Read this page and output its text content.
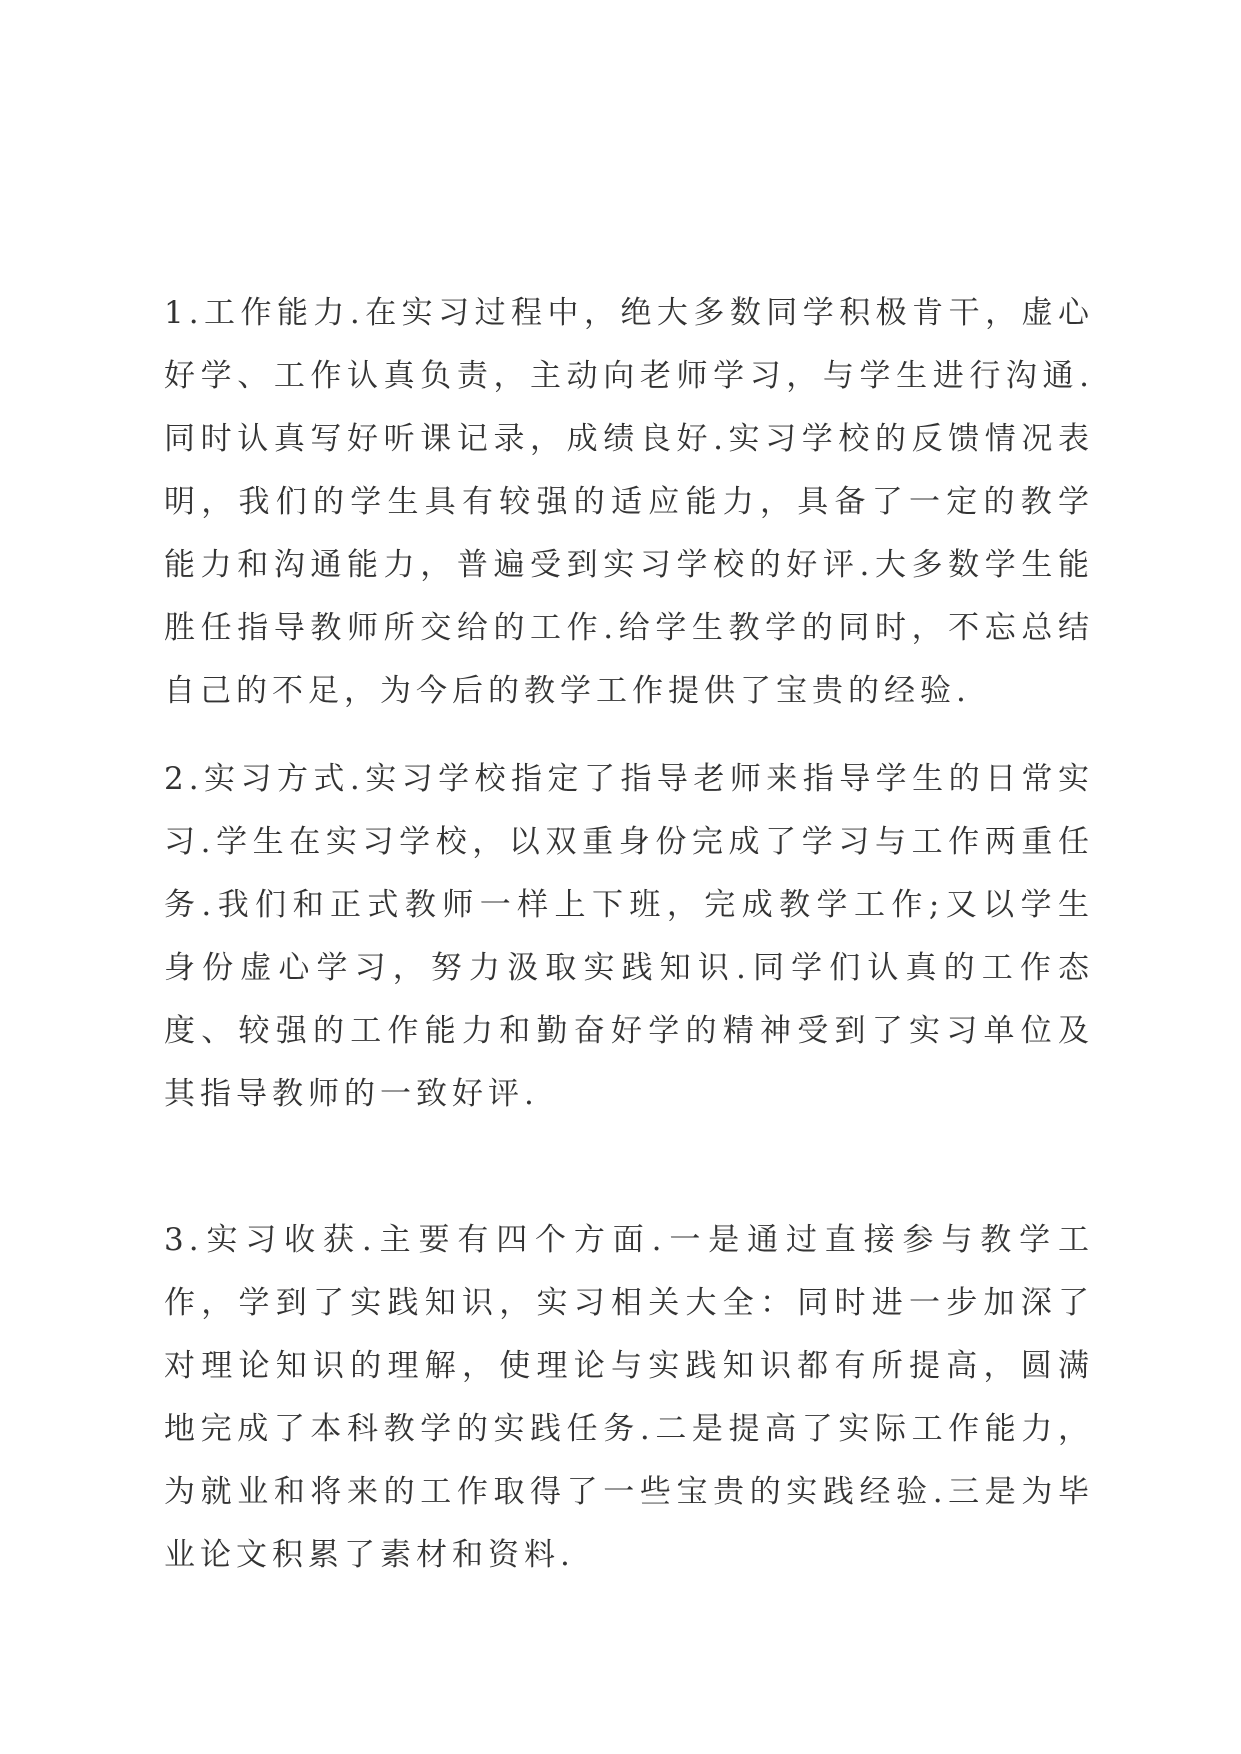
1.工作能力.在实习过程中，绝大多数同学积极肯干，虚心好学、工作认真负责，主动向老师学习，与学生进行沟通.同时认真写好听课记录，成绩良好.实习学校的反馈情况表明，我们的学生具有较强的适应能力，具备了一定的教学能力和沟通能力，普遍受到实习学校的好评.大多数学生能胜任指导教师所交给的工作.给学生教学的同时，不忘总结自己的不足，为今后的教学工作提供了宝贵的经验.

2.实习方式.实习学校指定了指导老师来指导学生的日常实习.学生在实习学校，以双重身份完成了学习与工作两重任务.我们和正式教师一样上下班，完成教学工作;又以学生身份虚心学习，努力汲取实践知识.同学们认真的工作态度、较强的工作能力和勤奋好学的精神受到了实习单位及其指导教师的一致好评.

3.实习收获.主要有四个方面.一是通过直接参与教学工作，学到了实践知识，实习相关大全：同时进一步加深了对理论知识的理解，使理论与实践知识都有所提高，圆满地完成了本科教学的实践任务.二是提高了实际工作能力，为就业和将来的工作取得了一些宝贵的实践经验.三是为毕业论文积累了素材和资料.
